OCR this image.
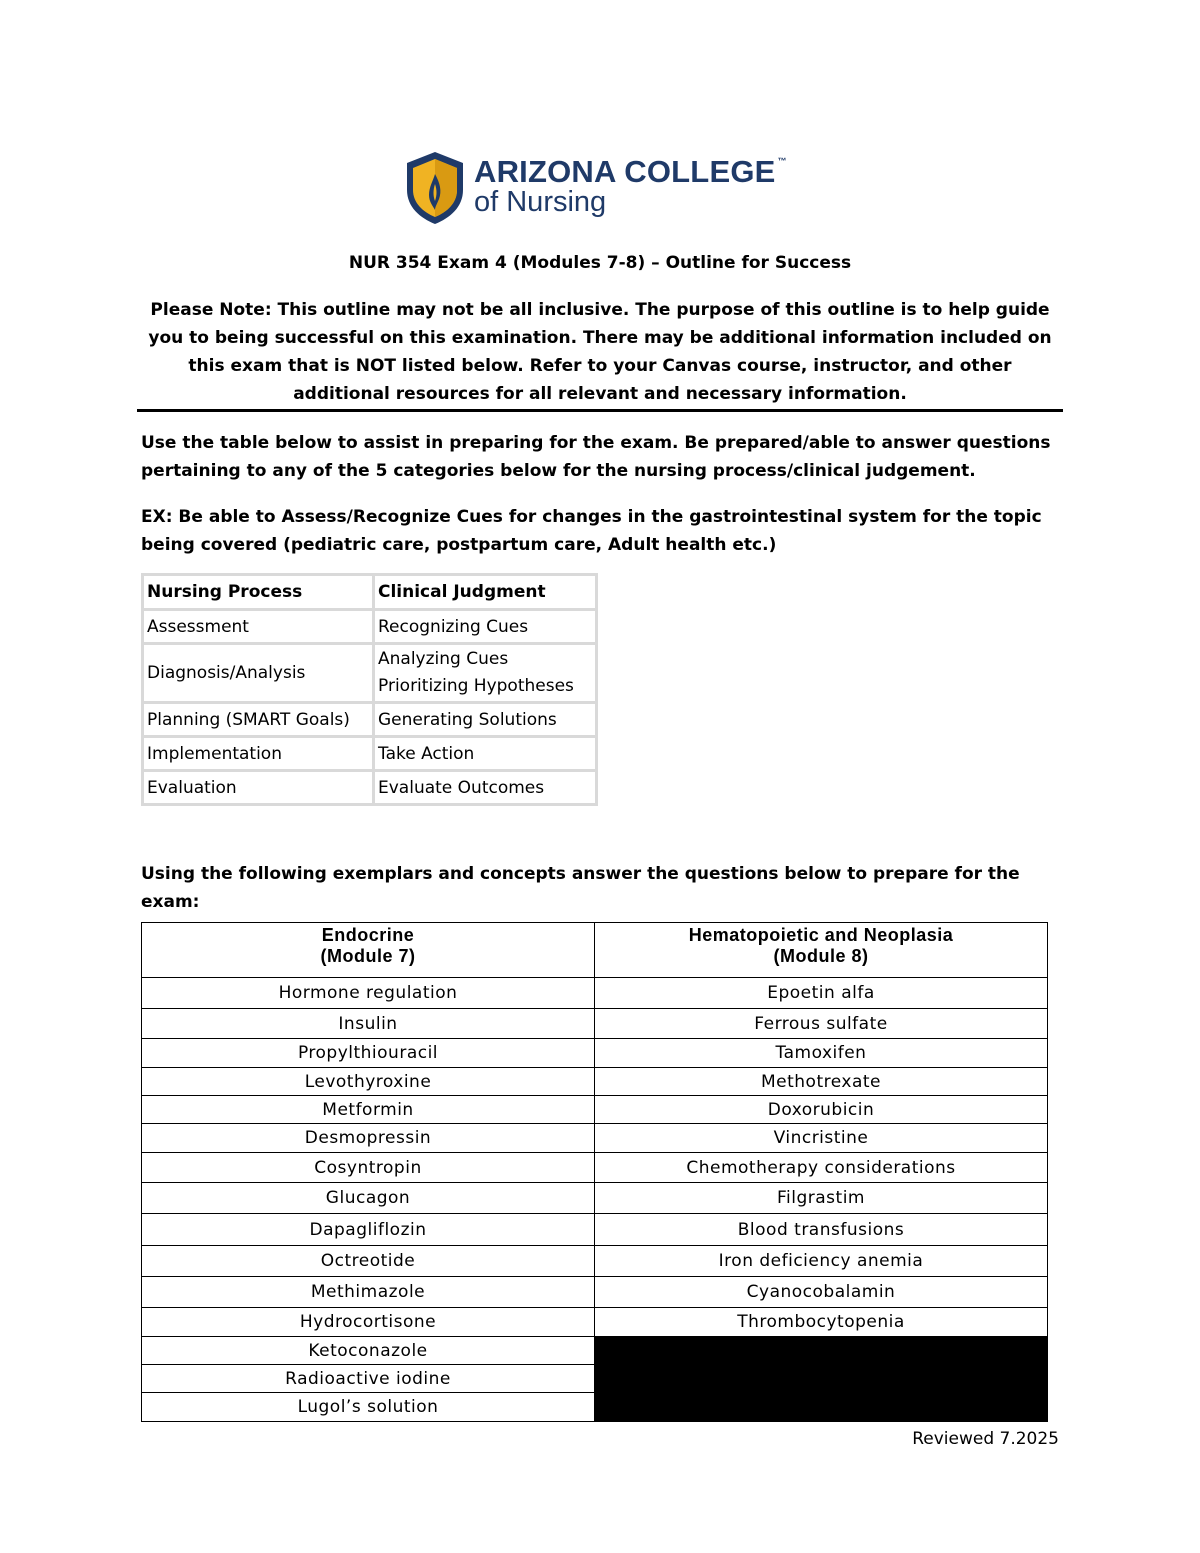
ARIZONA COLLEGE ™
of Nursing
NUR 354 Exam 4 (Modules 7-8) – Outline for Success
Please Note: This outline may not be all inclusive. The purpose of this outline is to help guide you to being successful on this examination. There may be additional information included on this exam that is NOT listed below. Refer to your Canvas course, instructor, and other additional resources for all relevant and necessary information.
Use the table below to assist in preparing for the exam. Be prepared/able to answer questions pertaining to any of the 5 categories below for the nursing process/clinical judgement.
EX: Be able to Assess/Recognize Cues for changes in the gastrointestinal system for the topic being covered (pediatric care, postpartum care, Adult health etc.)
Nursing Process	Clinical Judgment
Assessment	Recognizing Cues
Diagnosis/Analysis	Analyzing Cues
Prioritizing Hypotheses

Planning (SMART Goals)	Generating Solutions
Implementation	Take Action
Evaluation	Evaluate Outcomes
Using the following exemplars and concepts answer the questions below to prepare for the exam:
Endocrine
(Module 7)	Hematopoietic and Neoplasia
(Module 8)

Hormone regulation	Epoetin alfa
Insulin	Ferrous sulfate
Propylthiouracil	Tamoxifen
Levothyroxine	Methotrexate
Metformin	Doxorubicin
Desmopressin	Vincristine
Cosyntropin	Chemotherapy considerations
Glucagon	Filgrastim
Dapagliflozin	Blood transfusions
Octreotide	Iron deficiency anemia
Methimazole	Cyanocobalamin
Hydrocortisone	Thrombocytopenia
Ketoconazole	
Radioactive iodine	
Lugol’s solution	
Reviewed 7.2025
